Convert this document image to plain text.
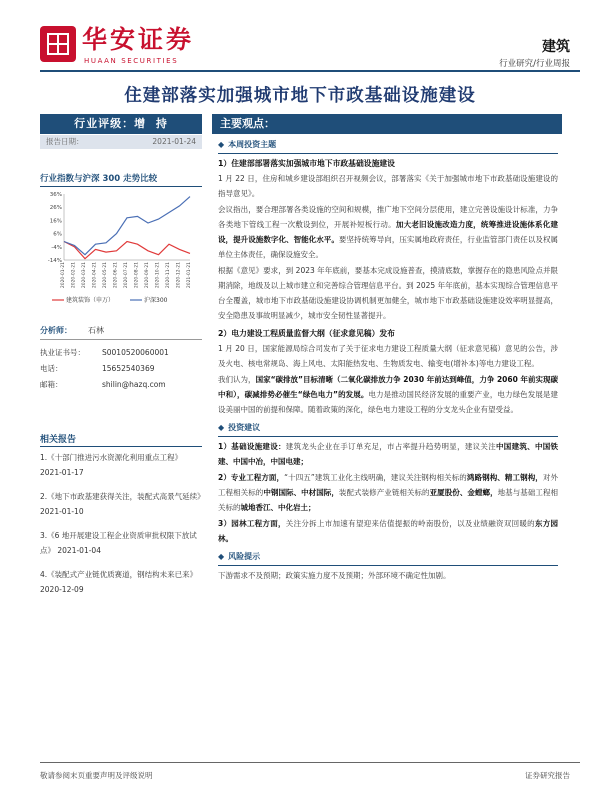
华安证券
HUAAN SECURITIES
建筑
行业研究/行业周报
住建部落实加强城市地下市政基础设施建设
行业评级：增  持
报告日期：	2021-01-24
行业指数与沪深 300 走势比较
36%
26%
16%
6%
-4%
-14%
2020-01-21 2020-02-21 2020-03-21 2020-04-21 2020-05-21 2020-06-21 2020-07-21 2020-08-21 2020-09-21 2020-10-21 2020-11-21 2020-12-21 2021-01-21
建筑装饰（申万）	沪深300
分析师： 石林
执业证书号： S0010520060001
电话：	15652540369
邮箱：	shilin@hazq.com
相关报告
1.《十部门推进污水资源化利用重点工程》 2021-01-17
2.《地下市政基建获得关注，装配式高景气延续》 2021-01-10
3.《6 地开展建设工程企业资质审批权限下放试点》 2021-01-04
4.《装配式产业链优质赛道，钢结构未来已来》 2020-12-09
主要观点：
◆ 本周投资主题
1）住建部部署落实加强城市地下市政基础设施建设

1 月 22 日，住房和城乡建设部组织召开视频会议，部署落实《关于加强城市地下市政基础设施建设的指导意见》。

会议指出，要合理部署各类设施的空间和规模，推广地下空间分层使用，建立完善设施设计标准，力争各类地下管线工程一次敷设到位，开展补短板行动。加大老旧设施改造力度，统筹推进设施体系化建设，提升设施数字化、智能化水平。要坚持统筹导向，压实属地政府责任，行业监管部门责任以及权属单位主体责任，确保设施安全。

根据《意见》要求，到 2023 年年底前，要基本完成设施普查，摸清底数，掌握存在的隐患风险点并限期消除，地级及以上城市建立和完善综合管理信息平台。到 2025 年年底前，基本实现综合管理信息平台全覆盖，城市地下市政基础设施建设协调机制更加健全，城市地下市政基础设施建设效率明显提高，安全隐患及事故明显减少，城市安全韧性显著提升。

2）电力建设工程质量监督大纲（征求意见稿）发布

1 月 20 日，国家能源局综合司发布了关于征求电力建设工程质量大纲（征求意见稿）意见的公告，涉及火电、核电常规岛、海上风电、太阳能热发电、生物质发电、输变电(增补本)等电力建设工程。

我们认为，国家“碳排放”目标清晰（二氧化碳排放力争 2030 年前达到峰值，力争 2060 年前实现碳中和），碳减排势必催生“绿色电力”的发展。电力是推动国民经济发展的重要产业，电力绿色发展是建设美丽中国的前提和保障。随着政策的深化，绿色电力建设工程的分支龙头企业有望受益。

◆ 投资建议

1）基础设施建设：建筑龙头企业在手订单充足，市占率提升趋势明显，建议关注中国建筑、中国铁建、中国中冶，中国电建；

2）专业工程方面，“十四五”建筑工业化主线明确，建议关注钢构相关标的鸿路钢构、精工钢构，对外工程相关标的中钢国际、中材国际，装配式装修产业链相关标的亚厦股份、金螳螂，地基与基础工程相关标的城地香江、中化岩土；

3）园林工程方面，关注分拆上市加速有望迎来估值提振的岭南股份，以及业绩融资双回暖的东方园林。

◆ 风险提示

下游需求不及预期；政策实施力度不及预期；外部环境不确定性加剧。

敬请参阅末页重要声明及评级说明	证券研究报告
